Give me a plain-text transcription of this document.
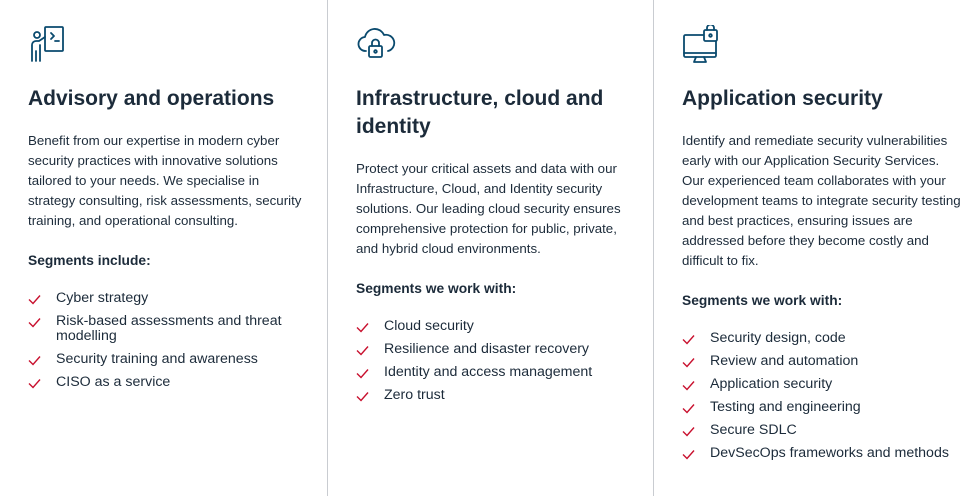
Advisory and operations

Benefit from our expertise in modern cyber security practices with innovative solutions tailored to your needs. We specialise in strategy consulting, risk assessments, security training, and operational consulting.

Segments include:

Cyber strategy
Risk-based assessments and threat modelling
Security training and awareness
CISO as a service
Infrastructure, cloud and identity

Protect your critical assets and data with our Infrastructure, Cloud, and Identity security solutions. Our leading cloud security ensures comprehensive protection for public, private, and hybrid cloud environments.

Segments we work with:

Cloud security
Resilience and disaster recovery
Identity and access management
Zero trust
Application security

Identify and remediate security vulnerabilities early with our Application Security Services. Our experienced team collaborates with your development teams to integrate security testing and best practices, ensuring issues are addressed before they become costly and difficult to fix.

Segments we work with:

Security design, code
Review and automation
Application security
Testing and engineering
Secure SDLC
DevSecOps frameworks and methods
